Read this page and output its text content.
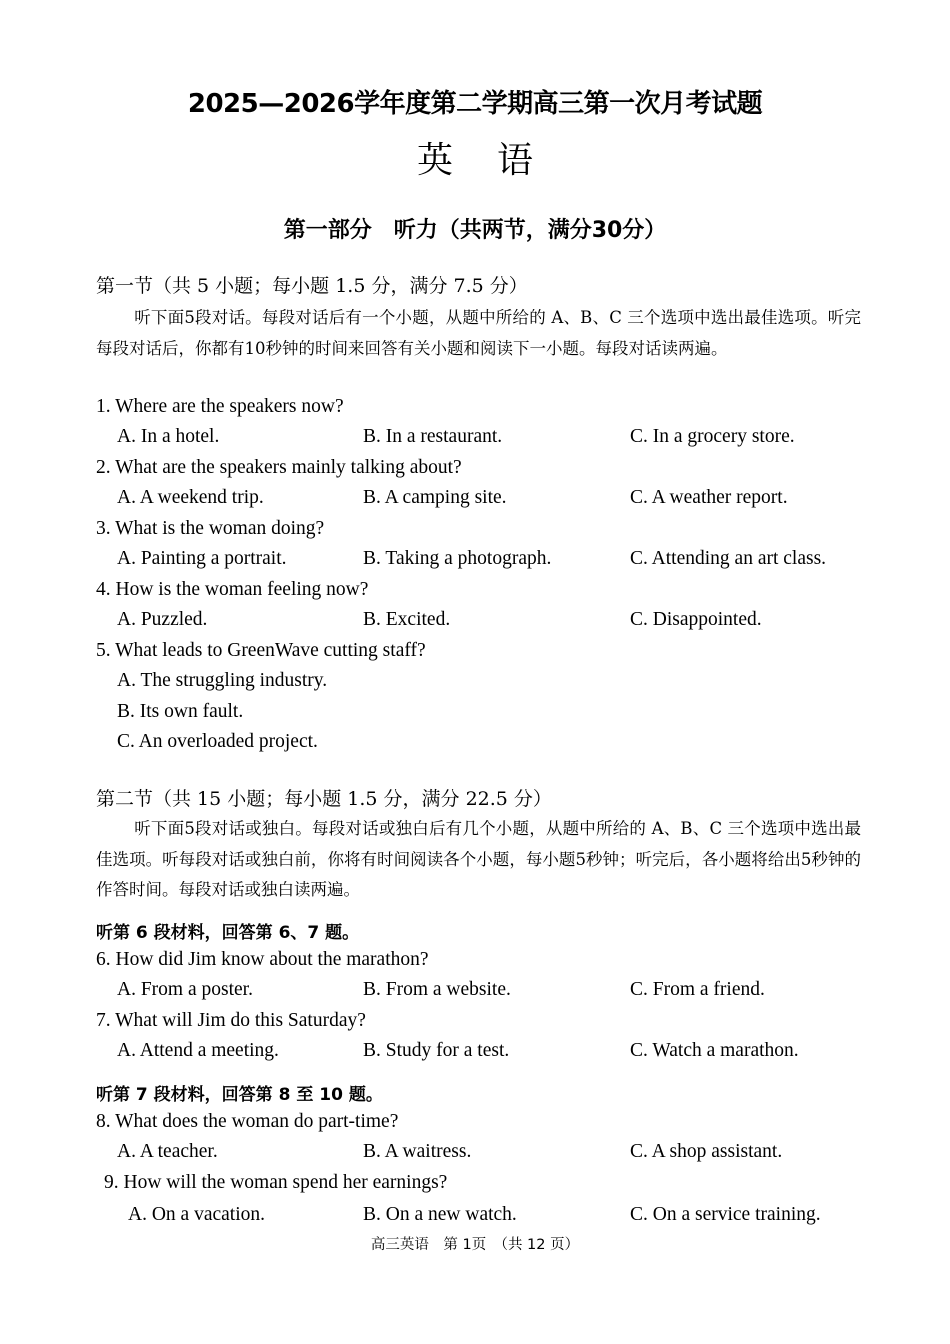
2025—2026学年度第二学期高三第一次月考试题
英 语
第一部分　听力（共两节，满分30分）
第一节（共 5 小题；每小题 1.5 分，满分 7.5 分）
听下面5段对话。每段对话后有一个小题，从题中所给的 A、B、C 三个选项中选出最佳选项。听完每段对话后，你都有10秒钟的时间来回答有关小题和阅读下一小题。每段对话读两遍。
1. Where are the speakers now?
A. In a hotel.	B. In a restaurant.	C. In a grocery store.
2. What are the speakers mainly talking about?
A. A weekend trip.	B. A camping site.	C. A weather report.
3. What is the woman doing?
A. Painting a portrait.	B. Taking a photograph.	C. Attending an art class.
4. How is the woman feeling now?
A. Puzzled.	B. Excited.	C. Disappointed.
5. What leads to GreenWave cutting staff?
A. The struggling industry.
B. Its own fault.
C. An overloaded project.
第二节（共 15 小题；每小题 1.5 分，满分 22.5 分）
听下面5段对话或独白。每段对话或独白后有几个小题，从题中所给的 A、B、C 三个选项中选出最佳选项。听每段对话或独白前，你将有时间阅读各个小题，每小题5秒钟；听完后，各小题将给出5秒钟的作答时间。每段对话或独白读两遍。
听第 6 段材料，回答第 6、7 题。
6. How did Jim know about the marathon?
A. From a poster.	B. From a website.	C. From a friend.
7. What will Jim do this Saturday?
A. Attend a meeting.	B. Study for a test.	C. Watch a marathon.
听第 7 段材料，回答第 8 至 10 题。
8. What does the woman do part-time?
A. A teacher.	B. A waitress.	C. A shop assistant.
9. How will the woman spend her earnings?
A. On a vacation.	B. On a new watch.	C. On a service training.
高三英语　第 1页　（共 12 页）
